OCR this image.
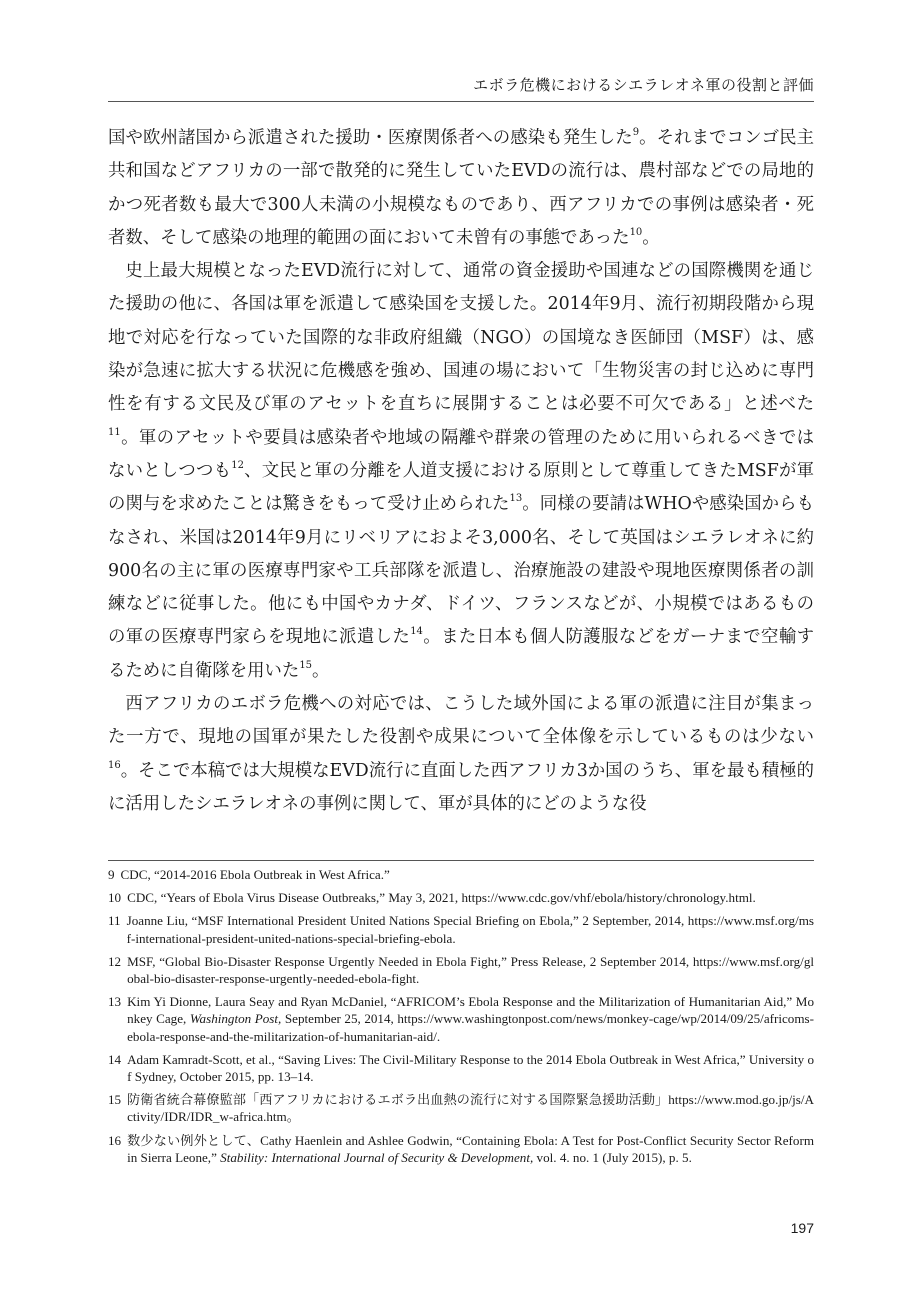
エボラ危機におけるシエラレオネ軍の役割と評価

国や欧州諸国から派遣された援助・医療関係者への感染も発生した$^9$。それまでコンゴ民主共和国などアフリカの一部で散発的に発生していたEVDの流行は、農村部などでの局地的かつ死者数も最大で300人未満の小規模なものであり、西アフリカでの事例は感染者・死者数、そして感染の地理的範囲の面において未曾有の事態であった$^{10}$。

史上最大規模となったEVD流行に対して、通常の資金援助や国連などの国際機関を通じた援助の他に、各国は軍を派遣して感染国を支援した。2014年9月、流行初期段階から現地で対応を行なっていた国際的な非政府組織（NGO）の国境なき医師団（MSF）は、感染が急速に拡大する状況に危機感を強め、国連の場において「生物災害の封じ込めに専門性を有する文民及び軍のアセットを直ちに展開することは必要不可欠である」と述べた$^{11}$。軍のアセットや要員は感染者や地域の隔離や群衆の管理のために用いられるべきではないとしつつも$^{12}$、文民と軍の分離を人道支援における原則として尊重してきたMSFが軍の関与を求めたことは驚きをもって受け止められた$^{13}$。同様の要請はWHOや感染国からもなされ、米国は2014年9月にリベリアにおよそ3,000名、そして英国はシエラレオネに約900名の主に軍の医療専門家や工兵部隊を派遣し、治療施設の建設や現地医療関係者の訓練などに従事した。他にも中国やカナダ、ドイツ、フランスなどが、小規模ではあるものの軍の医療専門家らを現地に派遣した$^{14}$。また日本も個人防護服などをガーナまで空輸するために自衛隊を用いた$^{15}$。

西アフリカのエボラ危機への対応では、こうした域外国による軍の派遣に注目が集まった一方で、現地の国軍が果たした役割や成果について全体像を示しているものは少ない$^{16}$。そこで本稿では大規模なEVD流行に直面した西アフリカ3か国のうち、軍を最も積極的に活用したシエラレオネの事例に関して、軍が具体的にどのような役

9 CDC, “2014-2016 Ebola Outbreak in West Africa.”
10 CDC, “Years of Ebola Virus Disease Outbreaks,” May 3, 2021, https://www.cdc.gov/vhf/ebola/history/chronology.html.
11 Joanne Liu, “MSF International President United Nations Special Briefing on Ebola,” 2 September, 2014, https://www.msf.org/msf-international-president-united-nations-special-briefing-ebola.
12 MSF, “Global Bio-Disaster Response Urgently Needed in Ebola Fight,” Press Release, 2 September 2014, https://www.msf.org/global-bio-disaster-response-urgently-needed-ebola-fight.
13 Kim Yi Dionne, Laura Seay and Ryan McDaniel, “AFRICOM’s Ebola Response and the Militarization of Humanitarian Aid,” Monkey Cage, Washington Post, September 25, 2014, https://www.washingtonpost.com/news/monkey-cage/wp/2014/09/25/africoms-ebola-response-and-the-militarization-of-humanitarian-aid/.
14 Adam Kamradt-Scott, et al., “Saving Lives: The Civil-Military Response to the 2014 Ebola Outbreak in West Africa,” University of Sydney, October 2015, pp. 13–14.
15 防衛省統合幕僚監部「西アフリカにおけるエボラ出血熱の流行に対する国際緊急援助活動」https://www.mod.go.jp/js/Activity/IDR/IDR_w-africa.htm。
16 数少ない例外として、Cathy Haenlein and Ashlee Godwin, “Containing Ebola: A Test for Post-Conflict Security Sector Reform in Sierra Leone,” Stability: International Journal of Security & Development, vol. 4. no. 1 (July 2015), p. 5.
197
